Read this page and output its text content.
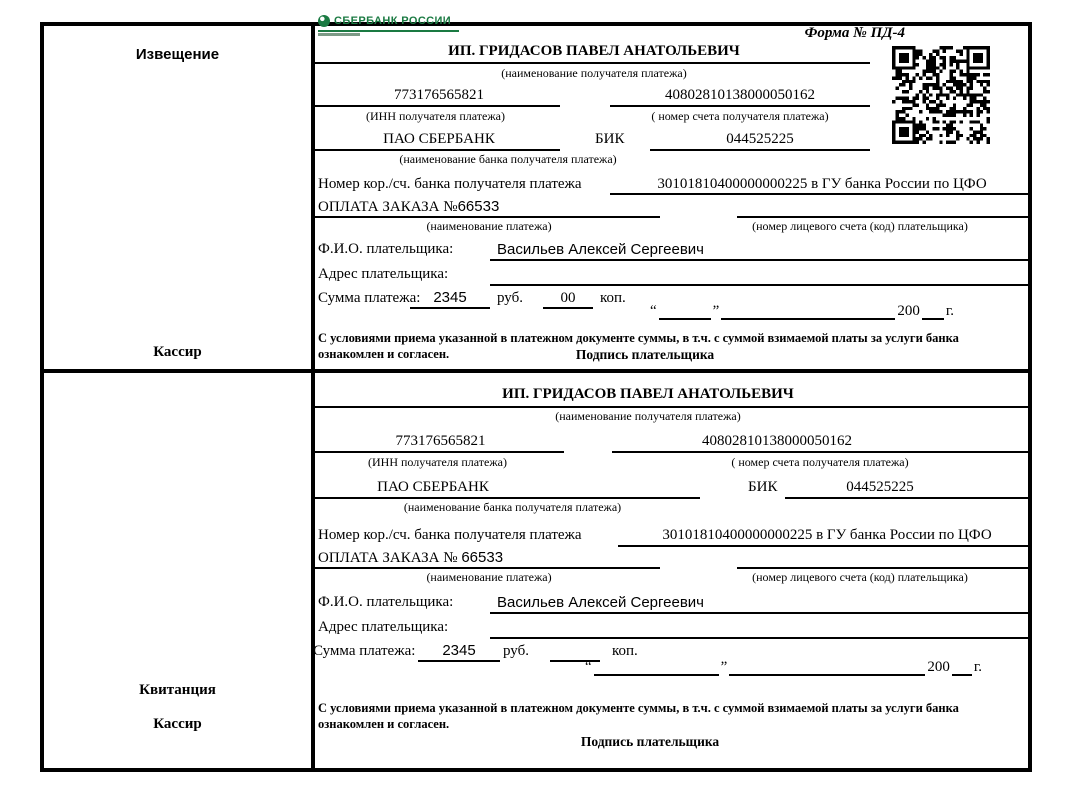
Извещение
Кассир
Квитанция
Кассир
СБЕРБАНК РОССИИ
Форма № ПД-4
ИП. ГРИДАСОВ ПАВЕЛ АНАТОЛЬЕВИЧ
(наименование получателя платежа)
773176565821	40802810138000050162
(ИНН получателя платежа)	( номер счета получателя платежа)
ПАО СБЕРБАНК	БИК	044525225
(наименование банка получателя платежа)
Номер кор./сч. банка получателя платежа	30101810400000000225 в ГУ банка России по ЦФО
ОПЛАТА ЗАКАЗА №66533
(наименование платежа)	(номер лицевого счета (код) плательщика)
Ф.И.О. плательщика:	Васильев Алексей Сергеевич
Адрес плательщика:
Сумма платежа: 2345	руб.	00	коп.
“	”	200 г.
С условиями приема указанной в платежном документе суммы, в т.ч. с суммой взимаемой платы за услуги банка
ознакомлен и согласен.	Подпись плательщика
ИП. ГРИДАСОВ ПАВЕЛ АНАТОЛЬЕВИЧ
(наименование получателя платежа)
773176565821	40802810138000050162
(ИНН получателя платежа)	( номер счета получателя платежа)
ПАО СБЕРБАНК	БИК	044525225
(наименование банка получателя платежа)
Номер кор./сч. банка получателя платежа	30101810400000000225 в ГУ банка России по ЦФО
ОПЛАТА ЗАКАЗА № 66533
(наименование платежа)	(номер лицевого счета (код) плательщика)
Ф.И.О. плательщика:	Васильев Алексей Сергеевич
Адрес плательщика:
Сумма платежа:	2345	руб.	коп.
“	”	200 г.
С условиями приема указанной в платежном документе суммы, в т.ч. с суммой взимаемой платы за услуги банка
ознакомлен и согласен.
Подпись плательщика
